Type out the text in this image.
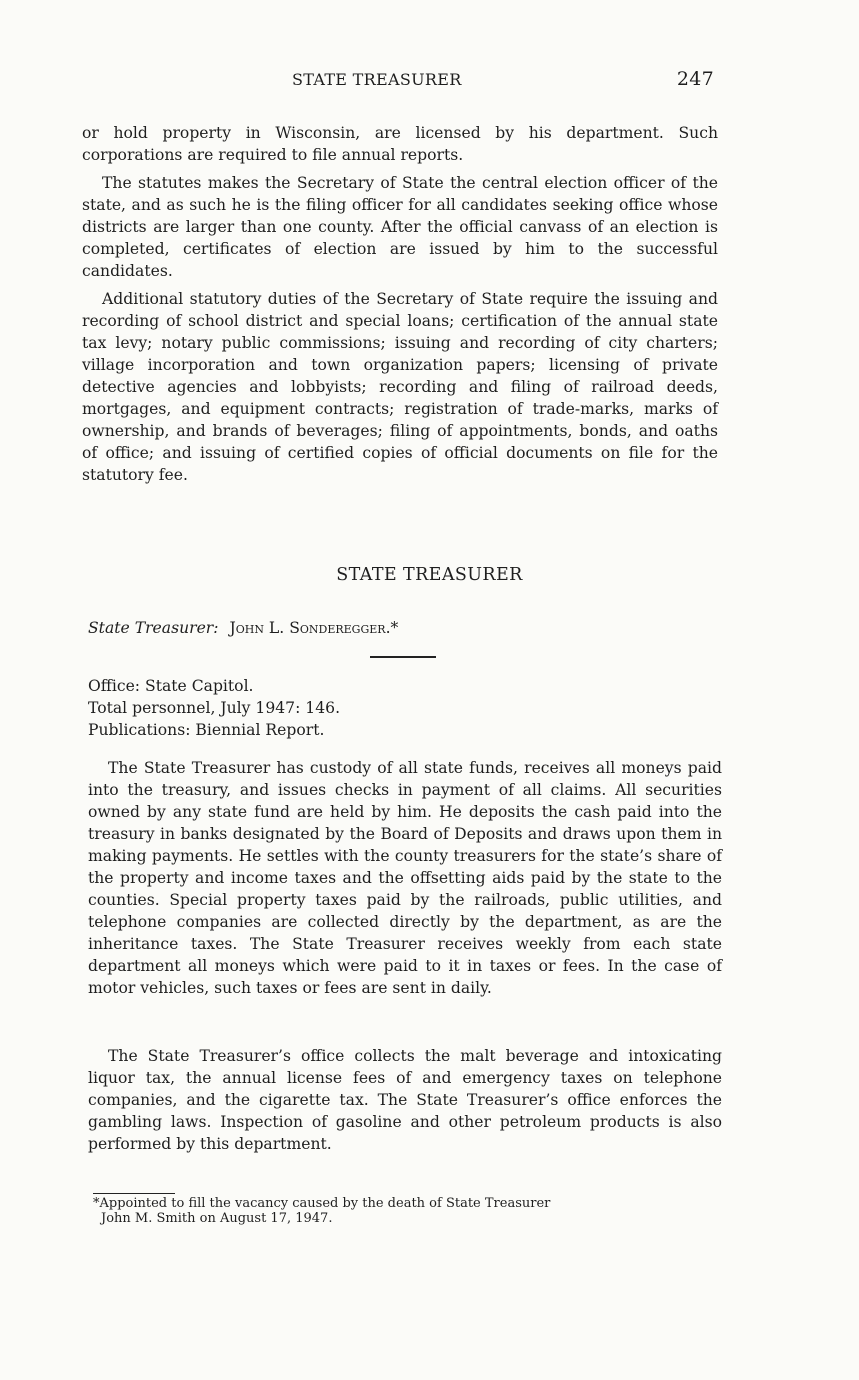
STATE TREASURER	247

or hold property in Wisconsin, are licensed by his department. Such corporations are required to file annual reports.

The statutes makes the Secretary of State the central election officer of the state, and as such he is the filing officer for all candidates seeking office whose districts are larger than one county. After the official canvass of an election is completed, certificates of election are issued by him to the successful candidates.

Additional statutory duties of the Secretary of State require the issuing and recording of school district and special loans; certification of the annual state tax levy; notary public commissions; issuing and recording of city charters; village incorporation and town organization papers; licensing of private detective agencies and lobbyists; recording and filing of railroad deeds, mortgages, and equipment contracts; registration of trade-marks, marks of ownership, and brands of beverages; filing of appointments, bonds, and oaths of office; and issuing of certified copies of official documents on file for the statutory fee.

STATE TREASURER
State Treasurer: John L. Sonderegger.*
Office: State Capitol.
Total personnel, July 1947: 146.
Publications: Biennial Report.

The State Treasurer has custody of all state funds, receives all moneys paid into the treasury, and issues checks in payment of all claims. All securities owned by any state fund are held by him. He deposits the cash paid into the treasury in banks designated by the Board of Deposits and draws upon them in making payments. He settles with the county treasurers for the state’s share of the property and income taxes and the offsetting aids paid by the state to the counties. Special property taxes paid by the railroads, public utilities, and telephone companies are collected directly by the department, as are the inheritance taxes. The State Treasurer receives weekly from each state department all moneys which were paid to it in taxes or fees. In the case of motor vehicles, such taxes or fees are sent in daily.

The State Treasurer’s office collects the malt beverage and intoxicating liquor tax, the annual license fees of and emergency taxes on telephone companies, and the cigarette tax. The State Treasurer’s office enforces the gambling laws. Inspection of gasoline and other petroleum products is also performed by this department.

*Appointed to fill the vacancy caused by the death of State Treasurer
John M. Smith on August 17, 1947.
